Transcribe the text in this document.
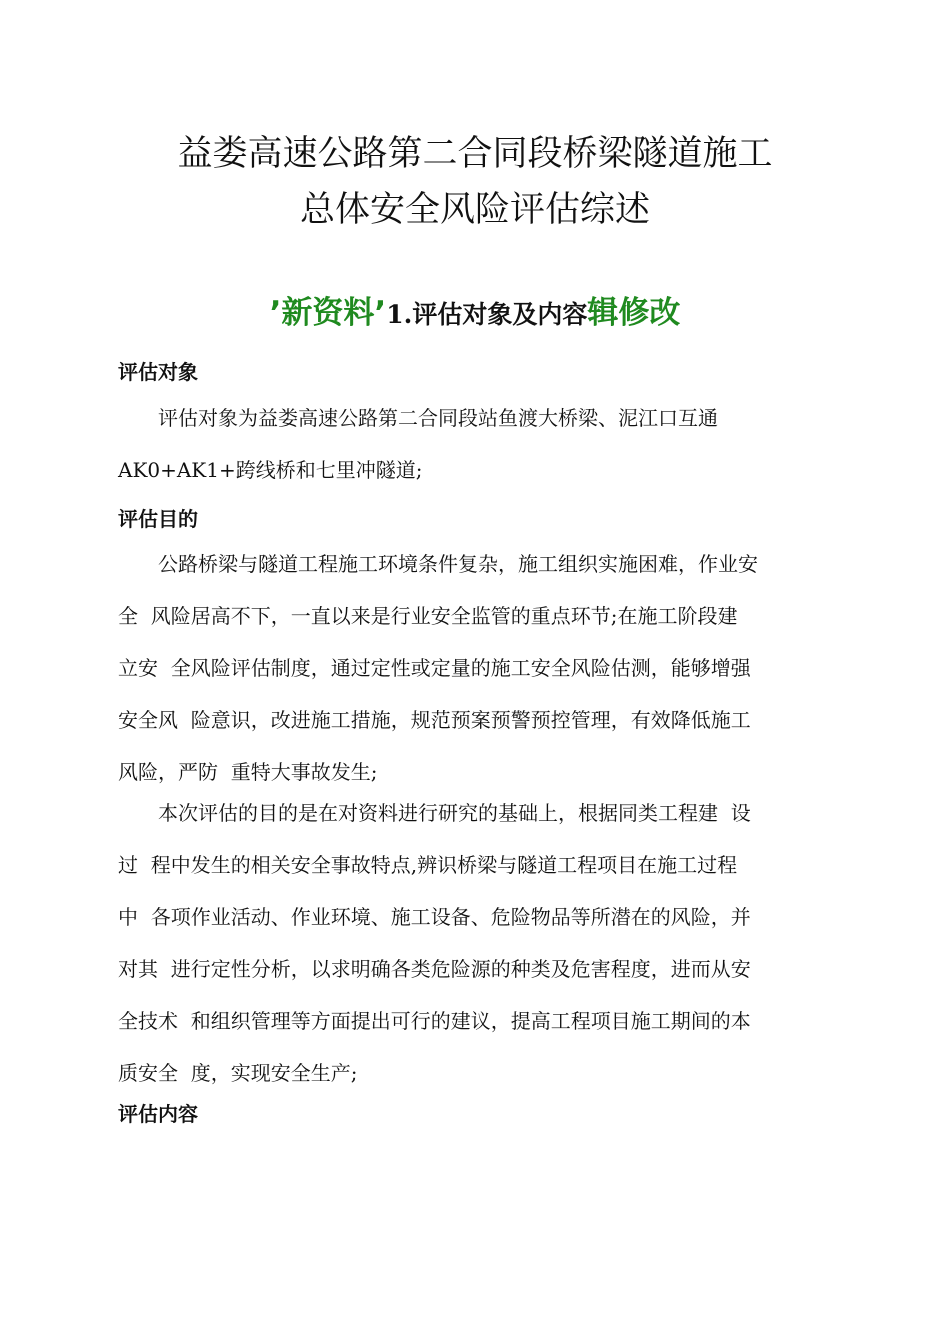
益娄高速公路第二合同段桥梁隧道施工
总体安全风险评估综述
’新资料’1.评估对象及内容辑修改
评估对象
评估对象为益娄高速公路第二合同段站鱼渡大桥梁、泥江口互通
AK0+AK1+跨线桥和七里冲隧道;
评估目的
公路桥梁与隧道工程施工环境条件复杂，施工组织实施困难，作业安
全  风险居高不下，一直以来是行业安全监管的重点环节;在施工阶段建
立安  全风险评估制度，通过定性或定量的施工安全风险估测，能够增强
安全风  险意识，改进施工措施，规范预案预警预控管理，有效降低施工
风险，严防  重特大事故发生;
本次评估的目的是在对资料进行研究的基础上，根据同类工程建  设
过  程中发生的相关安全事故特点,辨识桥梁与隧道工程项目在施工过程
中  各项作业活动、作业环境、施工设备、危险物品等所潜在的风险，并
对其  进行定性分析，以求明确各类危险源的种类及危害程度，进而从安
全技术  和组织管理等方面提出可行的建议，提高工程项目施工期间的本
质安全  度，实现安全生产;
评估内容
